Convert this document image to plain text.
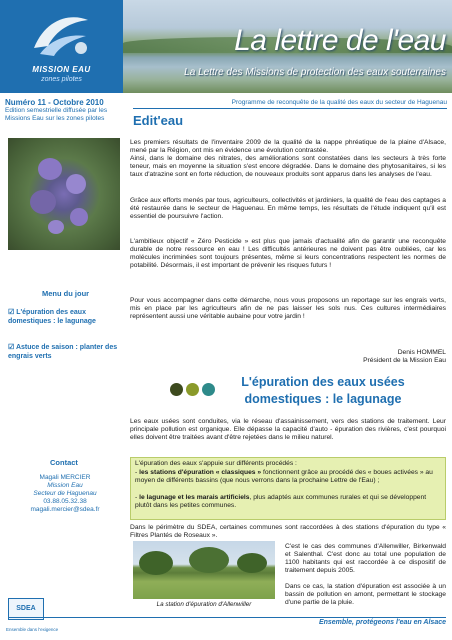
MISSION EAU
zones pilotes
La lettre de l'eau
La Lettre des Missions de protection des eaux souterraines
Numéro 11 - Octobre 2010
Edition semestrielle diffusée par les Missions Eau sur les zones pilotes
Programme de reconquête de la qualité des eaux du secteur de Haguenau
Menu du jour
☑ L'épuration des eaux domestiques : le lagunage
☑ Astuce de saison : planter des engrais verts
Contact
Magali MERCIER
Mission Eau
Secteur de Haguenau
03.88.05.32.38
magali.mercier@sdea.fr
SDEA
Ensemble dans l'exigence
Edit'eau
Les premiers résultats de l'inventaire 2009 de la qualité de la nappe phréatique de la plaine d'Alsace, mené par la Région, ont mis en évidence une évolution contrastée.
Ainsi, dans le domaine des nitrates, des améliorations sont constatées dans les secteurs à très forte teneur, mais en moyenne la situation s'est encore dégradée. Dans le domaine des phytosanitaires, si les taux d'atrazine sont en forte réduction, de nouveaux produits sont apparus dans les analyses de l'eau.
Grâce aux efforts menés par tous, agriculteurs, collectivités et jardiniers, la qualité de l'eau des captages a été restaurée dans le secteur de Haguenau. En même temps, les résultats de l'étude indiquent qu'il est essentiel de poursuivre l'action.
L'ambitieux objectif « Zéro Pesticide » est plus que jamais d'actualité afin de garantir une reconquête durable de notre ressource en eau ! Les difficultés antérieures ne doivent pas être oubliées, car les molécules incriminées sont toujours présentes, même si leurs concentrations respectent les normes de potabilité. Désormais, il est important de prévenir les risques futurs !
Pour vous accompagner dans cette démarche, nous vous proposons un reportage sur les engrais verts, mis en place par les agriculteurs afin de ne pas laisser les sols nus. Ces cultures intermédiaires représentent aussi une véritable aubaine pour votre jardin !
Denis HOMMEL
Président de la Mission Eau
L'épuration des eaux usées
domestiques : le lagunage
Les eaux usées sont conduites, via le réseau d'assainissement, vers des stations de traitement. Leur principale pollution est organique. Elle dépasse la capacité d'auto - épuration des rivières, c'est pourquoi elles doivent être traitées avant d'être rejetées dans le milieu naturel.
L'épuration des eaux s'appuie sur différents procédés :
- les stations d'épuration « classiques » fonctionnent grâce au procédé des « boues activées » au moyen de différents bassins (que nous verrons dans la prochaine Lettre de l'Eau) ;
- le lagunage et les marais artificiels, plus adaptés aux communes rurales et qui se développent plutôt dans les petites communes.
Dans le périmètre du SDEA, certaines communes sont raccordées à des stations d'épuration du type « Filtres Plantés de Roseaux ».
La station d'épuration d'Allenwiller
C'est le cas des communes d'Allenwiller, Birkenwald et Salenthal. C'est donc au total une population de 1100 habitants qui est raccordée à ce dispositif de traitement depuis 2005.
Dans ce cas, la station d'épuration est associée à un bassin de pollution en amont, permettant le stockage d'une partie de la pluie.
Ensemble, protégeons l'eau en Alsace
